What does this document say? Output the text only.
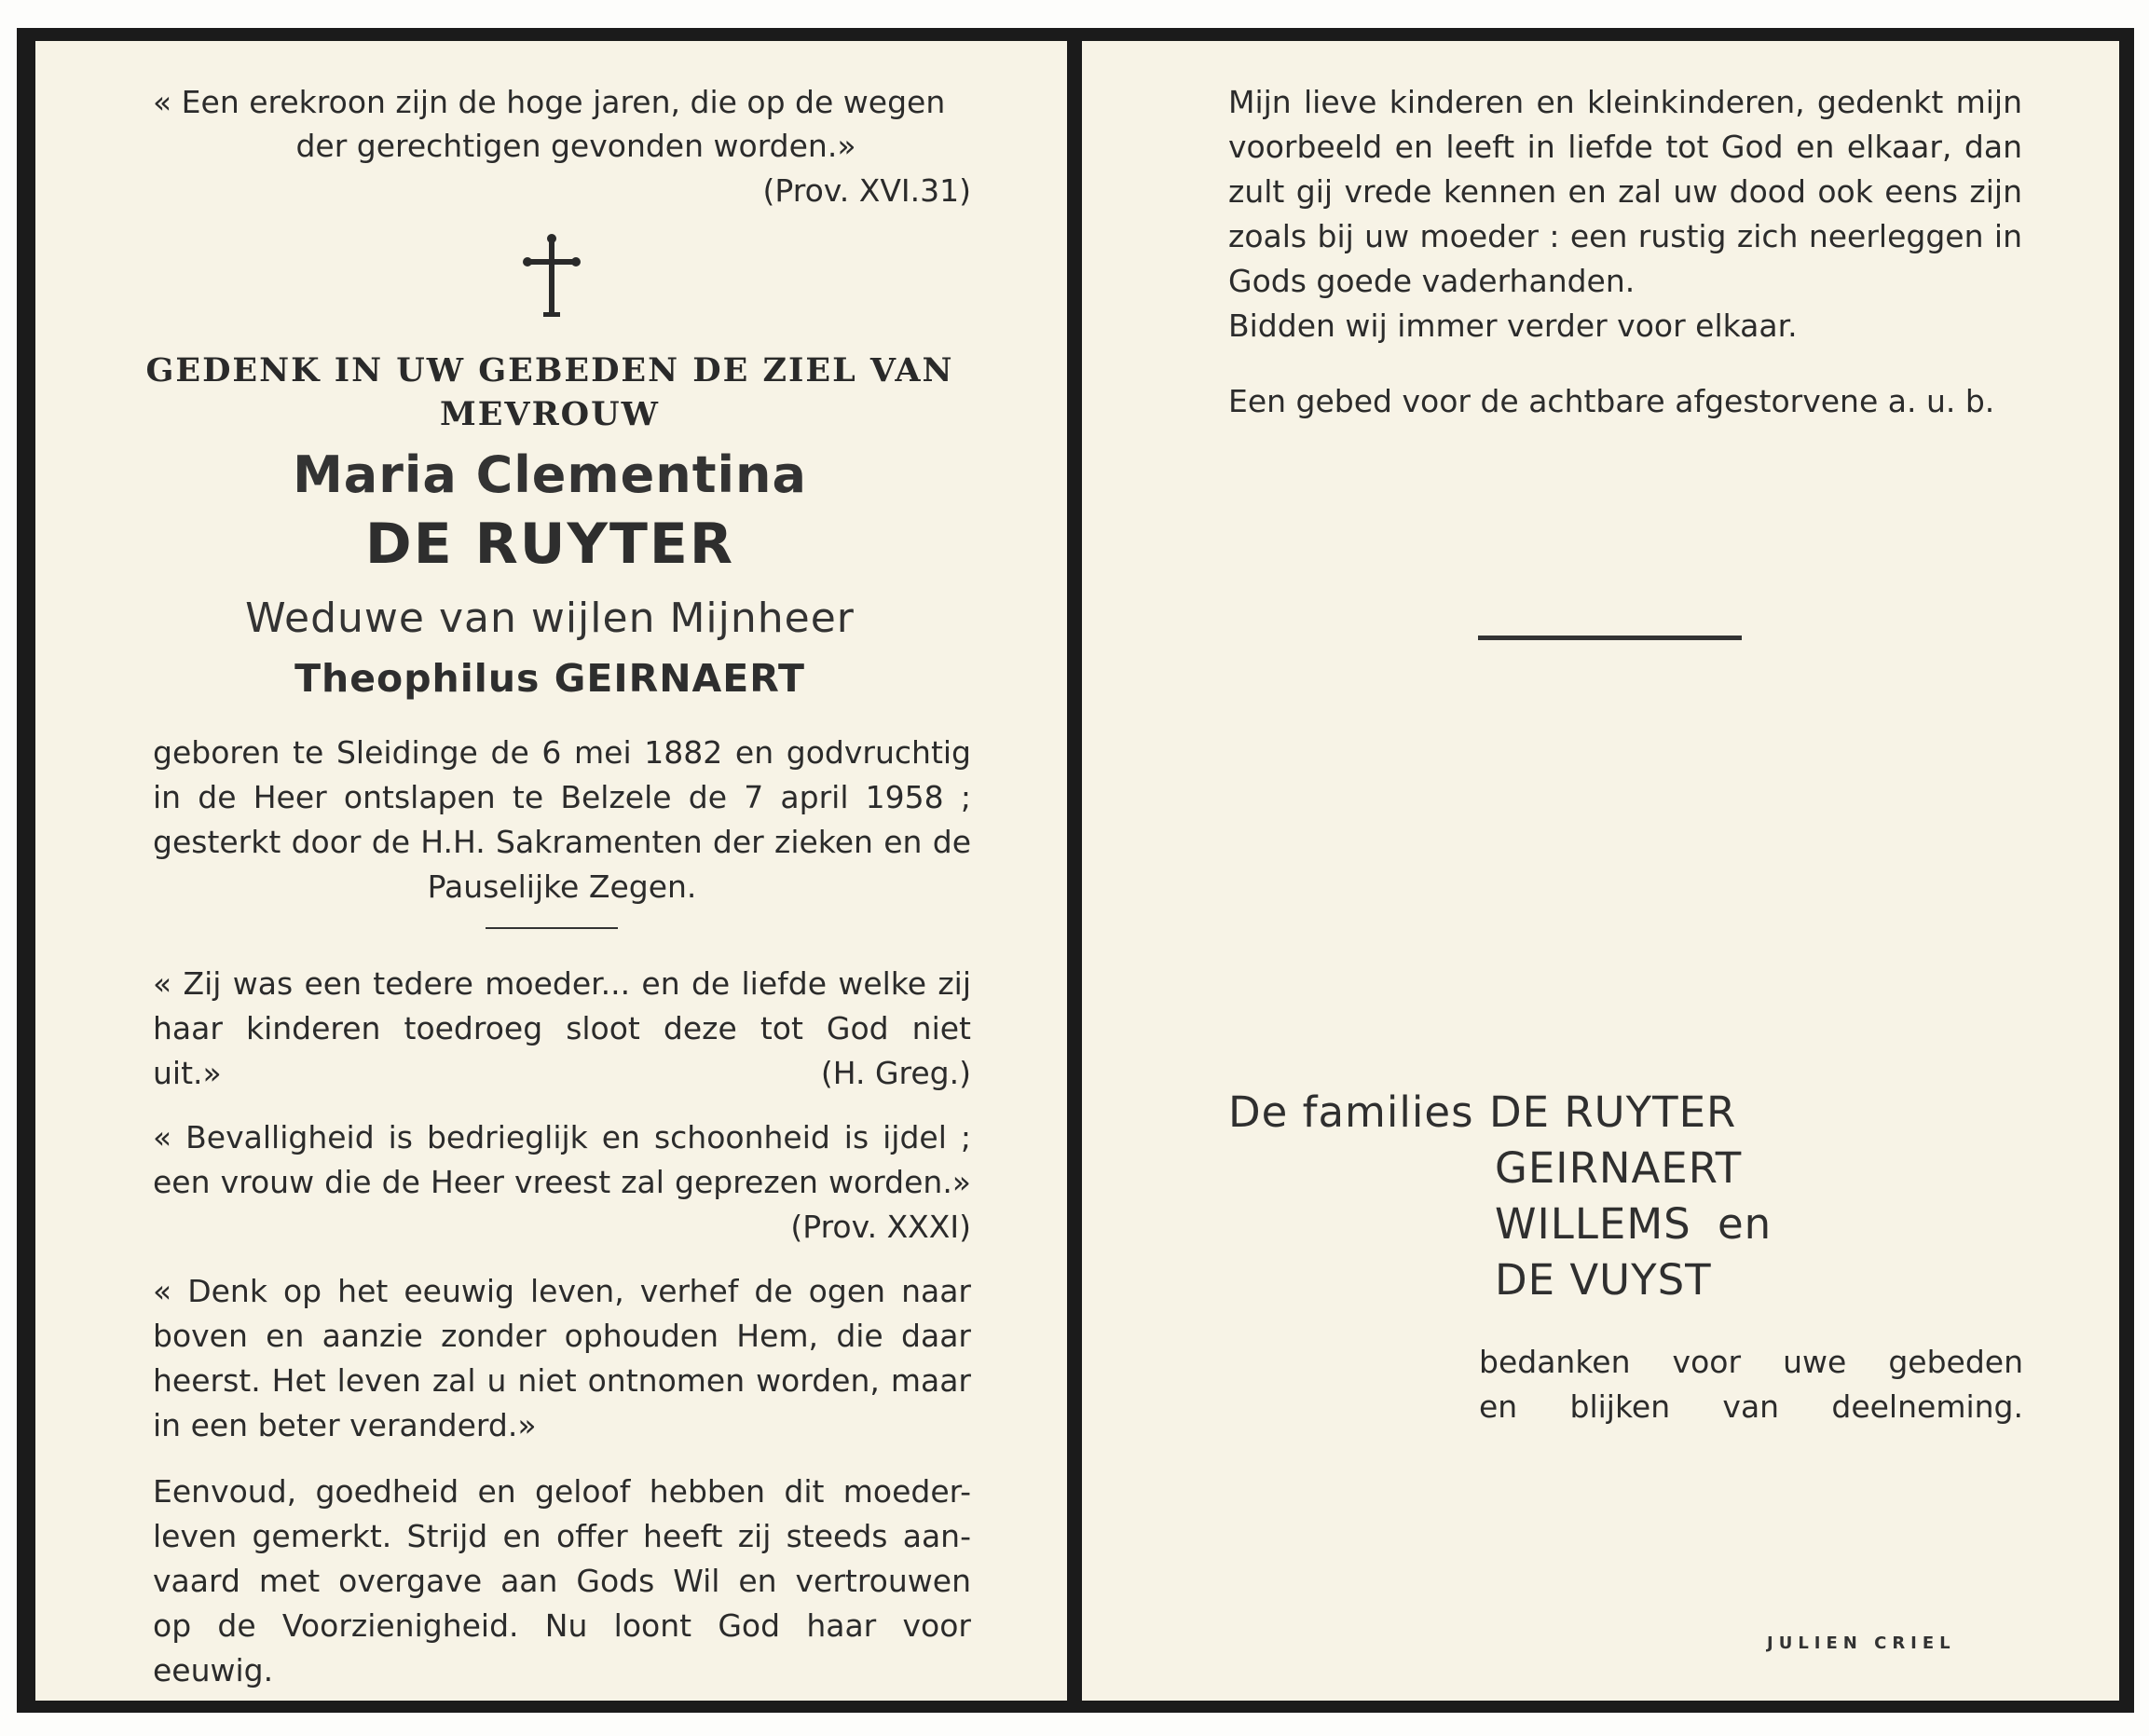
« Een erekroon zijn de hoge jaren, die op de wegen
der gerechtigen gevonden worden.»
(Prov. XVI.31)
GEDENK IN UW GEBEDEN DE ZIEL VAN
MEVROUW
Maria Clementina
DE RUYTER
Weduwe van wijlen Mijnheer
Theophilus GEIRNAERT
geboren te Sleidinge de 6 mei 1882 en godvruchtig
in de Heer ontslapen te Belzele de 7 april 1958 ;
gesterkt door de H.H. Sakramenten der zieken en de
Pauselijke Zegen.
« Zij was een tedere moeder... en de liefde welke zij
haar kinderen toedroeg sloot deze tot God niet
uit.»	(H. Greg.)
« Bevalligheid is bedrieglijk en schoonheid is ijdel ;
een vrouw die de Heer vreest zal geprezen worden.»
(Prov. XXXI)
« Denk op het eeuwig leven, verhef de ogen naar
boven en aanzie zonder ophouden Hem, die daar
heerst. Het leven zal u niet ontnomen worden, maar
in een beter veranderd.»
Eenvoud, goedheid en geloof hebben dit moeder-
leven gemerkt. Strijd en offer heeft zij steeds aan-
vaard met overgave aan Gods Wil en vertrouwen
op de Voorzienigheid. Nu loont God haar voor
eeuwig.
Mijn lieve kinderen en kleinkinderen, gedenkt mijn
voorbeeld en leeft in liefde tot God en elkaar, dan
zult gij vrede kennen en zal uw dood ook eens zijn
zoals bij uw moeder : een rustig zich neerleggen in
Gods goede vaderhanden.
Bidden wij immer verder voor elkaar.
Een gebed voor de achtbare afgestorvene a. u. b.
De families DE RUYTER
GEIRNAERT
WILLEMS en
DE VUYST
bedanken voor uwe gebeden
en blijken van deelneming.
JULIEN CRIEL
